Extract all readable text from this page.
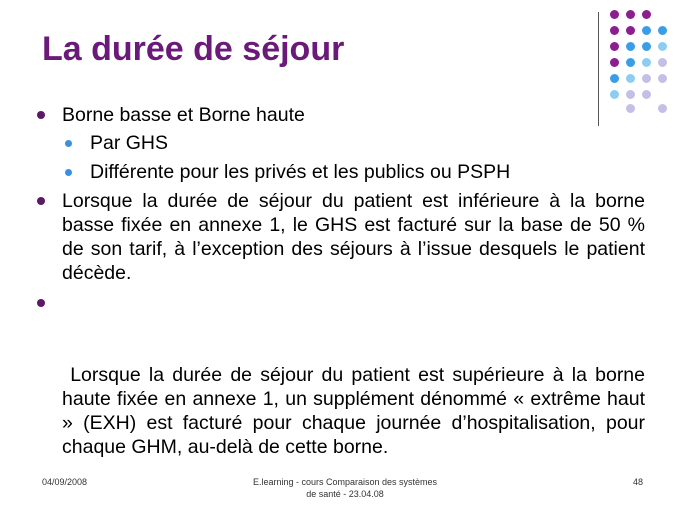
La durée de séjour
Borne basse et Borne haute
Par GHS
Différente pour les privés et les publics ou PSPH
Lorsque la durée de séjour du patient est inférieure à la borne basse fixée en annexe 1, le GHS est facturé sur la base de 50 % de son tarif, à l’exception des séjours à l’issue desquels le patient décède.

Lorsque la durée de séjour du patient est supérieure à la borne haute fixée en annexe 1, un supplément dénommé « extrême haut » (EXH) est facturé pour chaque journée d’hospitalisation, pour chaque GHM, au-delà de cette borne.

04/09/2008	E.learning - cours Comparaison des systèmes
de santé - 23.04.08
48
